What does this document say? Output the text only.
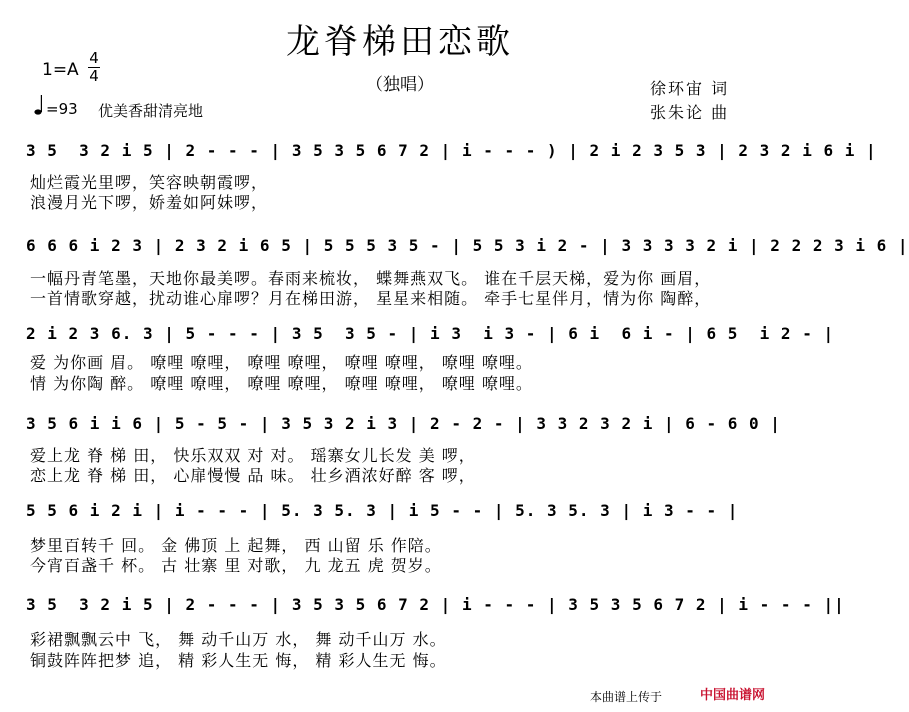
龙脊梯田恋歌
（独唱）
1=A
4
4
=93 优美香甜清亮地
徐环宙 词
张朱论 曲
3 5  3 2 i 5 | 2 - - - | 3 5 3 5 6 7 2 | i - - - ) | 2 i 2 3 5 3 | 2 3 2 i 6 i |
灿烂霞光里啰，笑容映朝霞啰，
浪漫月光下啰，娇羞如阿妹啰，
6 6 6 i 2 3 | 2 3 2 i 6 5 | 5 5 5 3 5 - | 5 5 3 i 2 - | 3 3 3 3 2 i | 2 2 2 3 i 6 |
一幅丹青笔墨，天地你最美啰。春雨来梳妆， 蝶舞燕双飞。 谁在千层天梯，爱为你 画眉，
一首情歌穿越，扰动谁心扉啰？月在梯田游， 星星来相随。 牵手七星伴月，情为你 陶醉，
2 i 2 3 6. 3 | 5 - - - | 3 5  3 5 - | i 3  i 3 - | 6 i  6 i - | 6 5  i 2 - |
爱 为你画 眉。 嘹哩 嘹哩， 嘹哩 嘹哩， 嘹哩 嘹哩， 嘹哩 嘹哩。
情 为你陶 醉。 嘹哩 嘹哩， 嘹哩 嘹哩， 嘹哩 嘹哩， 嘹哩 嘹哩。
3 5 6 i i 6 | 5 - 5 - | 3 5 3 2 i 3 | 2 - 2 - | 3 3 2 3 2 i | 6 - 6 0 |
爱上龙 脊 梯 田， 快乐双双 对 对。 瑶寨女儿长发 美 啰，
恋上龙 脊 梯 田， 心扉慢慢 品 味。 壮乡酒浓好醉 客 啰，
5 5 6 i 2 i | i - - - | 5. 3 5. 3 | i 5 - - | 5. 3 5. 3 | i 3 - - |
梦里百转千 回。 金 佛顶 上 起舞， 西 山留 乐 作陪。
今宵百盏千 杯。 古 壮寨 里 对歌， 九 龙五 虎 贺岁。
3 5  3 2 i 5 | 2 - - - | 3 5 3 5 6 7 2 | i - - - | 3 5 3 5 6 7 2 | i - - - ||
彩裙飘飘云中 飞， 舞 动千山万 水， 舞 动千山万 水。
铜鼓阵阵把梦 追， 精 彩人生无 悔， 精 彩人生无 悔。
本曲谱上传于	中国曲谱网
